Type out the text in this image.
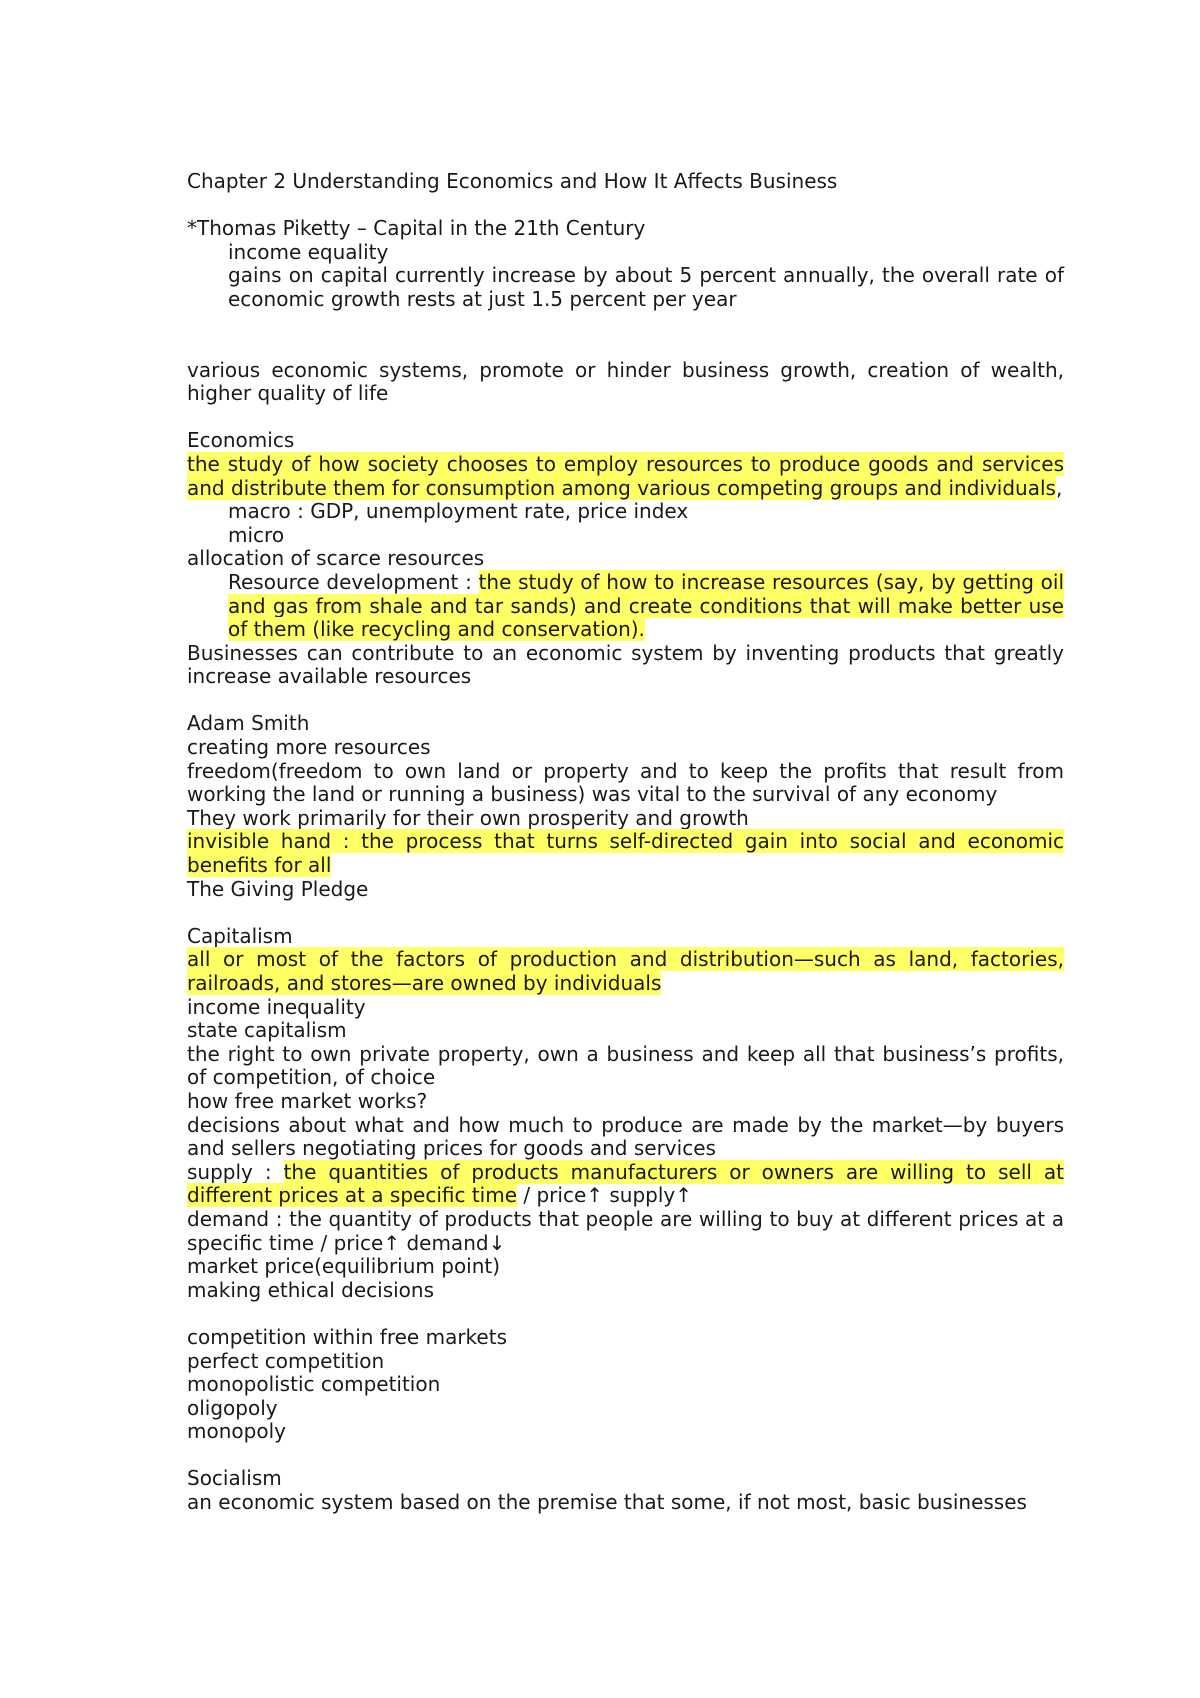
Chapter 2 Understanding Economics and How It Affects Business

*Thomas Piketty – Capital in the 21th Century

income equality

gains on capital currently increase by about 5 percent annually, the overall rate of economic growth rests at just 1.5 percent per year

various economic systems, promote or hinder business growth, creation of wealth, higher quality of life

Economics

the study of how society chooses to employ resources to produce goods and services and distribute them for consumption among various competing groups and individuals,

macro : GDP, unemployment rate, price index

micro

allocation of scarce resources

Resource development : the study of how to increase resources (say, by getting oil and gas from shale and tar sands) and create conditions that will make better use of them (like recycling and conservation).

Businesses can contribute to an economic system by inventing products that greatly increase available resources

Adam Smith

creating more resources

freedom(freedom to own land or property and to keep the profits that result from working the land or running a business) was vital to the survival of any economy

They work primarily for their own prosperity and growth

invisible hand : the process that turns self-directed gain into social and economic benefits for all

The Giving Pledge

Capitalism

all or most of the factors of production and distribution—such as land, factories, railroads, and stores—are owned by individuals

income inequality

state capitalism

the right to own private property, own a business and keep all that business’s profits, of competition, of choice

how free market works?

decisions about what and how much to produce are made by the market—by buyers and sellers negotiating prices for goods and services

supply : the quantities of products manufacturers or owners are willing to sell at different prices at a specific time / price↑ supply↑

demand : the quantity of products that people are willing to buy at different prices at a specific time / price↑ demand↓

market price(equilibrium point)

making ethical decisions

competition within free markets

perfect competition

monopolistic competition

oligopoly

monopoly

Socialism

an economic system based on the premise that some, if not most, basic businesses
